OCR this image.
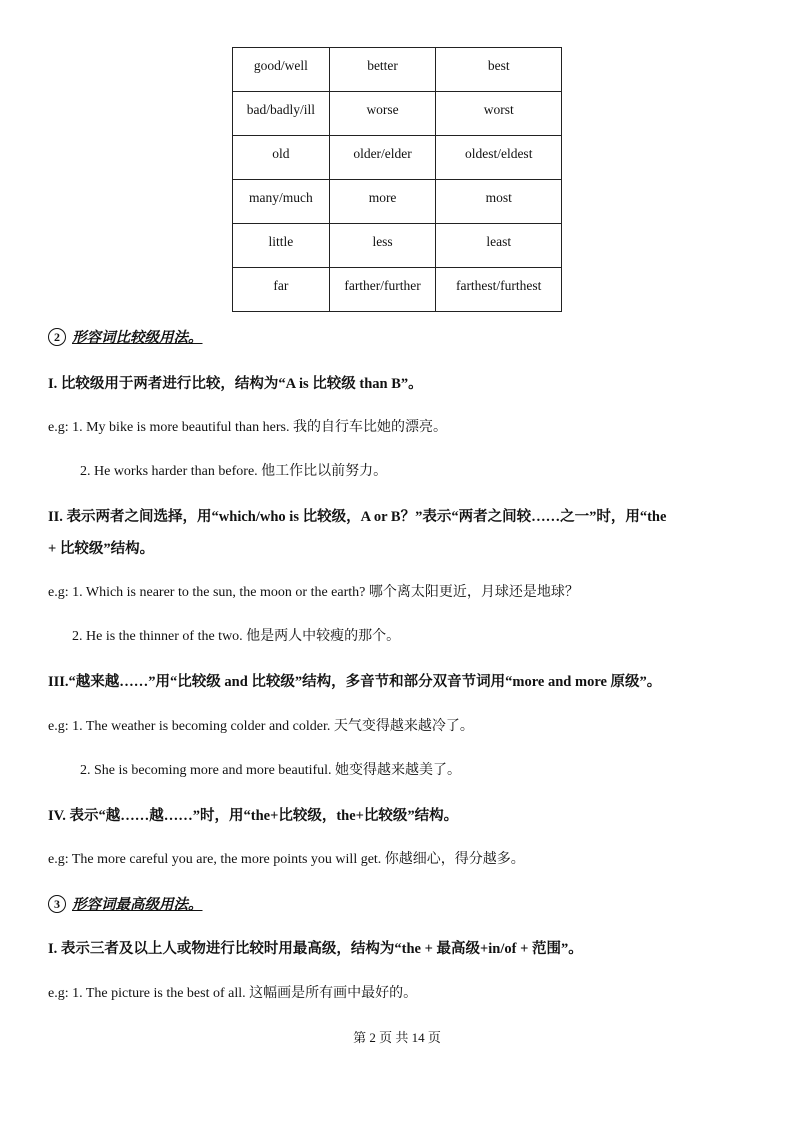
good/well	better	best
bad/badly/ill	worse	worst
old	older/elder	oldest/eldest
many/much	more	most
little	less	least
far	farther/further	farthest/furthest
2 形容词比较级用法。
I. 比较级用于两者进行比较，结构为“A is 比较级 than B”。
e.g: 1. My bike is more beautiful than hers. 我的自行车比她的漂亮。
2. He works harder than before. 他工作比以前努力。
II. 表示两者之间选择，用“which/who is 比较级，A or B？”表示“两者之间较……之一”时，用“the
+ 比较级”结构。
e.g: 1. Which is nearer to the sun, the moon or the earth? 哪个离太阳更近，月球还是地球？
2. He is the thinner of the two. 他是两人中较瘦的那个。
III.“越来越……”用“比较级 and 比较级”结构，多音节和部分双音节词用“more and more 原级”。
e.g: 1. The weather is becoming colder and colder. 天气变得越来越冷了。
2. She is becoming more and more beautiful. 她变得越来越美了。
IV. 表示“越……越……”时，用“the+比较级，the+比较级”结构。
e.g: The more careful you are, the more points you will get. 你越细心，得分越多。
3 形容词最高级用法。
I. 表示三者及以上人或物进行比较时用最高级，结构为“the + 最高级+in/of + 范围”。
e.g: 1. The picture is the best of all. 这幅画是所有画中最好的。
第 2 页 共 14 页
